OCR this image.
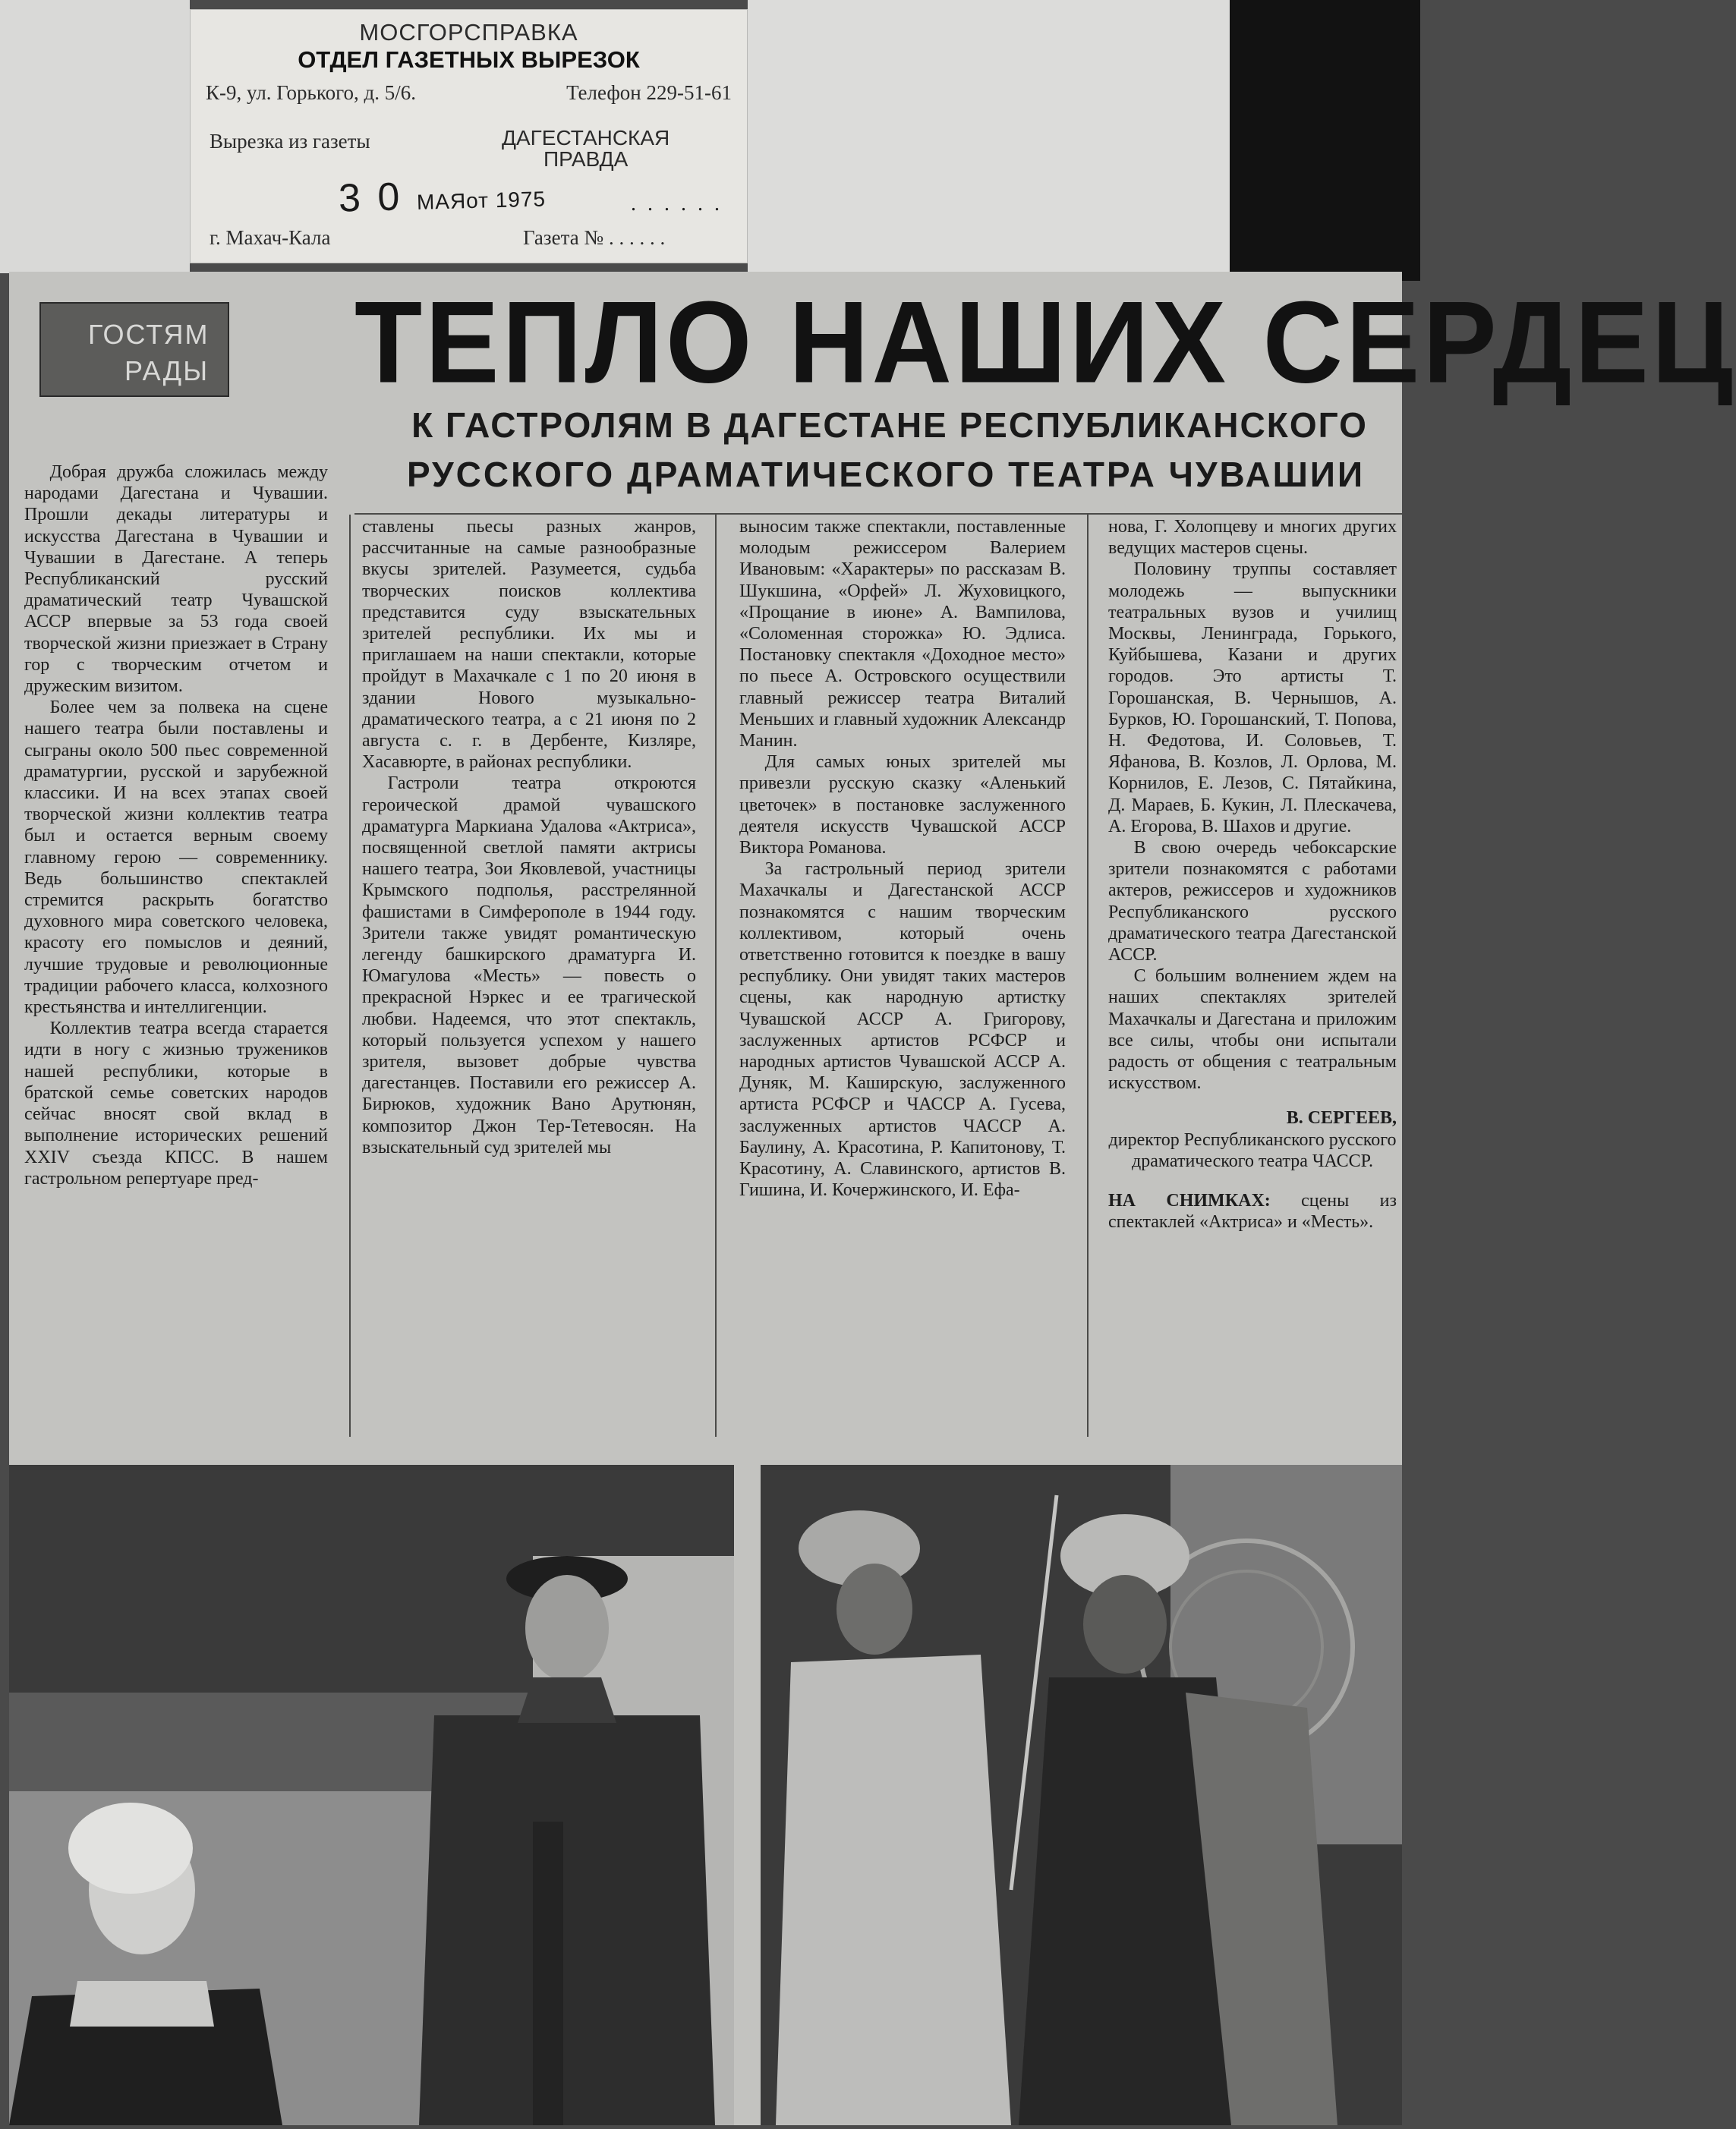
МОСГОРСПРАВКА
ОТДЕЛ ГАЗЕТНЫХ ВЫРЕЗОК
К-9, ул. Горького, д. 5/6.	Телефон 229-51-61
Вырезка из газеты	ДАГЕСТАНСКАЯ
ПРАВДА
3 0 МАЯот 1975	. . . . . .
г. Махач-Кала	Газета № . . . . . .
ГОСТЯМ
РАДЫ ТЕПЛО НАШИХ СЕРДЕЦ
К ГАСТРОЛЯМ В ДАГЕСТАНЕ РЕСПУБЛИКАНСКОГО
РУССКОГО ДРАМАТИЧЕСКОГО ТЕАТРА ЧУВАШИИ

Добрая дружба сложилась между народами Дагестана и Чувашии. Прошли декады литературы и искусства Дагестана в Чувашии и Чувашии в Дагестане. А теперь Республиканский русский драматический театр Чувашской АССР впервые за 53 года своей творческой жизни приезжает в Страну гор с творческим отчетом и дружеским визитом.

Более чем за полвека на сцене нашего театра были поставлены и сыграны около 500 пьес современной драматургии, русской и зарубежной классики. И на всех этапах своей творческой жизни коллектив театра был и остается верным своему главному герою — современнику. Ведь большинство спектаклей стремится раскрыть богатство духовного мира советского человека, красоту его помыслов и деяний, лучшие трудовые и революционные традиции рабочего класса, колхозного крестьянства и интеллигенции.

Коллектив театра всегда старается идти в ногу с жизнью тружеников нашей республики, которые в братской семье советских народов сейчас вносят свой вклад в выполнение исторических решений XXIV съезда КПСС. В нашем гастрольном репертуаре пред-

ставлены пьесы разных жанров, рассчитанные на самые разнообразные вкусы зрителей. Разумеется, судьба творческих поисков коллектива представится суду взыскательных зрителей республики. Их мы и приглашаем на наши спектакли, которые пройдут в Махачкале с 1 по 20 июня в здании Нового музыкально-драматического театра, а с 21 июня по 2 августа с. г. в Дербенте, Кизляре, Хасавюрте, в районах республики.

Гастроли театра откроются героической драмой чувашского драматурга Маркиана Удалова «Актриса», посвященной светлой памяти актрисы нашего театра, Зои Яковлевой, участницы Крымского подполья, расстрелянной фашистами в Симферополе в 1944 году. Зрители также увидят романтическую легенду башкирского драматурга И. Юмагулова «Месть» — повесть о прекрасной Нэркес и ее трагической любви. Надеемся, что этот спектакль, который пользуется успехом у нашего зрителя, вызовет добрые чувства дагестанцев. Поставили его режиссер А. Бирюков, художник Вано Арутюнян, композитор Джон Тер-Тетевосян. На взыскательный суд зрителей мы

выносим также спектакли, поставленные молодым режиссером Валерием Ивановым: «Характеры» по рассказам В. Шукшина, «Орфей» Л. Жуховицкого, «Прощание в июне» А. Вампилова, «Соломенная сторожка» Ю. Эдлиса. Постановку спектакля «Доходное место» по пьесе А. Островского осуществили главный режиссер театра Виталий Меньших и главный художник Александр Манин.

Для самых юных зрителей мы привезли русскую сказку «Аленький цветочек» в постановке заслуженного деятеля искусств Чувашской АССР Виктора Романова.

За гастрольный период зрители Махачкалы и Дагестанской АССР познакомятся с нашим творческим коллективом, который очень ответственно готовится к поездке в вашу республику. Они увидят таких мастеров сцены, как народную артистку Чувашской АССР А. Григорову, заслуженных артистов РСФСР и народных артистов Чувашской АССР А. Дуняк, М. Каширскую, заслуженного артиста РСФСР и ЧАССР А. Гусева, заслуженных артистов ЧАССР А. Баулину, А. Красотина, Р. Капитонову, Т. Красотину, А. Славинского, артистов В. Гишина, И. Кочержинского, И. Ефа-

нова, Г. Холопцеву и многих других ведущих мастеров сцены.

Половину труппы составляет молодежь — выпускники театральных вузов и училищ Москвы, Ленинграда, Горького, Куйбышева, Казани и других городов. Это артисты Т. Горошанская, В. Чернышов, А. Бурков, Ю. Горошанский, Т. Попова, Н. Федотова, И. Соловьев, Т. Яфанова, В. Козлов, Л. Орлова, М. Корнилов, Е. Лезов, С. Пятайкина, Д. Мараев, Б. Кукин, Л. Плескачева, А. Егорова, В. Шахов и другие.

В свою очередь чебоксарские зрители познакомятся с работами актеров, режиссеров и художников Республиканского русского драматического театра Дагестанской АССР.

С большим волнением ждем на наших спектаклях зрителей Махачкалы и Дагестана и приложим все силы, чтобы они испытали радость от общения с театральным искусством.

В. СЕРГЕЕВ,

директор Республиканского русского драматического театра ЧАССР.

НА СНИМКАХ: сцены из спектаклей «Актриса» и «Месть».
